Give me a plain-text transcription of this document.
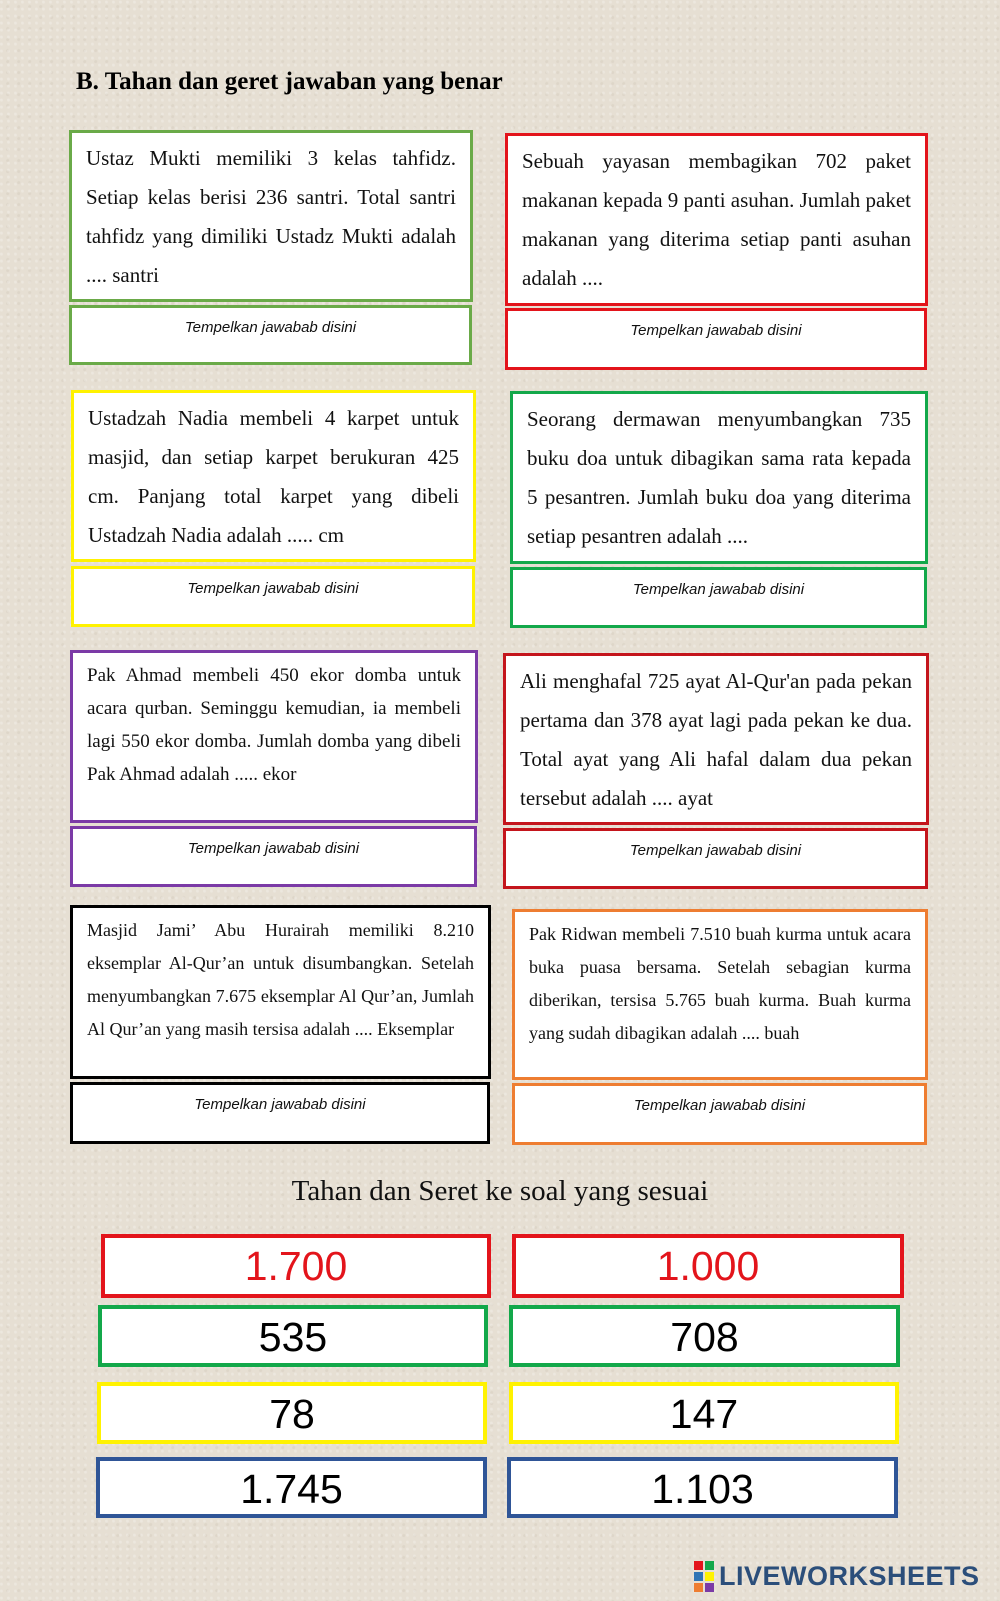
B. Tahan dan geret jawaban yang benar
Ustaz Mukti memiliki 3 kelas tahfidz. Setiap kelas berisi 236 santri. Total santri tahfidz yang dimiliki Ustadz Mukti adalah .... santri
Tempelkan jawabab disini
Sebuah yayasan membagikan 702 paket makanan kepada 9 panti asuhan. Jumlah paket makanan yang diterima setiap panti asuhan adalah ....
Tempelkan jawabab disini
Ustadzah Nadia membeli 4 karpet untuk masjid, dan setiap karpet berukuran 425 cm. Panjang total karpet yang dibeli Ustadzah Nadia adalah ..... cm
Tempelkan jawabab disini
Seorang dermawan menyumbangkan 735 buku doa untuk dibagikan sama rata kepada 5 pesantren. Jumlah buku doa yang diterima setiap pesantren adalah ....
Tempelkan jawabab disini
Pak Ahmad membeli 450 ekor domba untuk acara qurban. Seminggu kemudian, ia membeli lagi 550 ekor domba. Jumlah domba yang dibeli Pak Ahmad adalah ..... ekor
Tempelkan jawabab disini
Ali menghafal 725 ayat Al-Qur'an pada pekan pertama dan 378 ayat lagi pada pekan ke dua. Total ayat yang Ali hafal dalam dua pekan tersebut adalah .... ayat
Tempelkan jawabab disini
Masjid Jami’ Abu Hurairah memiliki 8.210 eksemplar Al-Qur’an untuk disumbangkan. Setelah menyumbangkan 7.675 eksemplar Al Qur’an, Jumlah Al Qur’an yang masih tersisa adalah .... Eksemplar
Tempelkan jawabab disini
Pak Ridwan membeli 7.510 buah kurma untuk acara buka puasa bersama. Setelah sebagian kurma diberikan, tersisa 5.765 buah kurma. Buah kurma yang sudah dibagikan adalah .... buah
Tempelkan jawabab disini
Tahan dan Seret ke soal yang sesuai
1.700	1.000
535	708
78	147
1.745	1.103
LIVEWORKSHEETS
